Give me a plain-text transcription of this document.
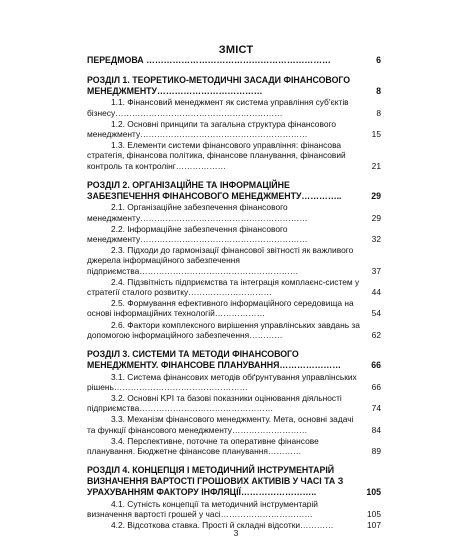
ЗМІСТ
ПЕРЕДМОВА ………………………………………………………	6
РОЗДІЛ 1. ТЕОРЕТИКО-МЕТОДИЧНІ ЗАСАДИ ФІНАНСОВОГО МЕНЕДЖМЕНТУ………………………………	8
1.1. Фінансовий менеджмент як система управління суб'єктів бізнесу……………………………………………………	8
1.2. Основні принципи та загальна структура фінансового менеджменту……………………………………………………	15
1.3. Елементи системи фінансового управління: фінансова стратегія, фінансова політика, фінансове планування, фінансовий контроль та контролінг………………	21
РОЗДІЛ 2. ОРГАНІЗАЦІЙНЕ ТА ІНФОРМАЦІЙНЕ ЗАБЕЗПЕЧЕННЯ ФІНАНСОВОГО МЕНЕДЖМЕНТУ…………..	29
2.1. Організаційне забезпечення фінансового менеджменту……………………………………………………	29
2.2. Інформаційне забезпечення фінансового менеджменту……………………………………………………	32
2.3. Підходи до гармонізації фінансової звітності як важливого джерела інформаційного забезпечення підприємства…………………………………………………	37
2.4. Підзвітність підприємства та інтеграція комплаєнс-систем у стратегії сталого розвитку…………………………	44
2.5. Формування ефективного інформаційного середовища на основі інформаційних технологій………………	54
2.6. Фактори комплексного вирішення управлінських завдань за допомогою інформаційного забезпечення…………	62
РОЗДІЛ 3. СИСТЕМИ ТА МЕТОДИ ФІНАНСОВОГО МЕНЕДЖМЕНТУ. ФІНАНСОВЕ ПЛАНУВАННЯ…………………	66
3.1. Система фінансових методів обґрунтування управлінських рішень…………………………………………	66
3.2. Основні KPI та базові показники оцінювання діяльності підприємства…………………………………………	74
3.3. Механізм фінансового менеджменту. Мета, основні задачі та функції фінансового менеджменту………………………	84
3.4. Перспективне, поточне та оперативне фінансове планування. Бюджетне фінансове планування…………	89
РОЗДІЛ 4. КОНЦЕПЦІЯ І МЕТОДИЧНИЙ ІНСТРУМЕНТАРІЙ ВИЗНАЧЕННЯ ВАРТОСТІ ГРОШОВИХ АКТИВІВ У ЧАСІ ТА З УРАХУВАННЯМ ФАКТОРУ ІНФЛЯЦІЇ……………………..	105
4.1. Сутність концепції та методичний інструментарій визначення вартості грошей у часі……………………………	105
4.2. Відсоткова ставка. Прості й складні відсотки…………	107
3
